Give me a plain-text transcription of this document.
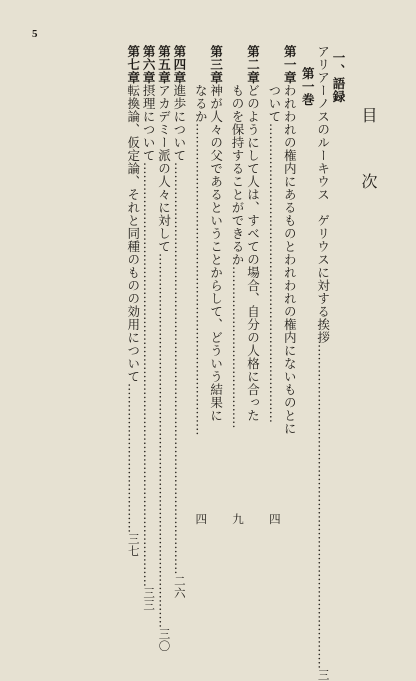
5
目  次
一、語録
アリアーノスのルーキウス　ゲリウスに対する挨拶
……………………………………………………………………
三
第一巻
第一章
われわれの権内にあるものとわれわれの権内にないものとに
ついて
………………………………………………………………
四
第二章
どのようにして人は、すべての場合、自分の人格に合った
ものを保持することができるか
…………………………………
九
第三章
神が人々の父であるということからして、どういう結果に
なるか
…………………………………………………………………
四
第四章
進歩について
………………………………………………………………………………………
二六
第五章
アカデミー派の人々に対して
………………………………………………………………………………
三〇
第六章
摂理について
…………………………………………………………………………………………
三三
第七章
転換論、仮定論、それと同種のものの効用について
………………………………
三七
